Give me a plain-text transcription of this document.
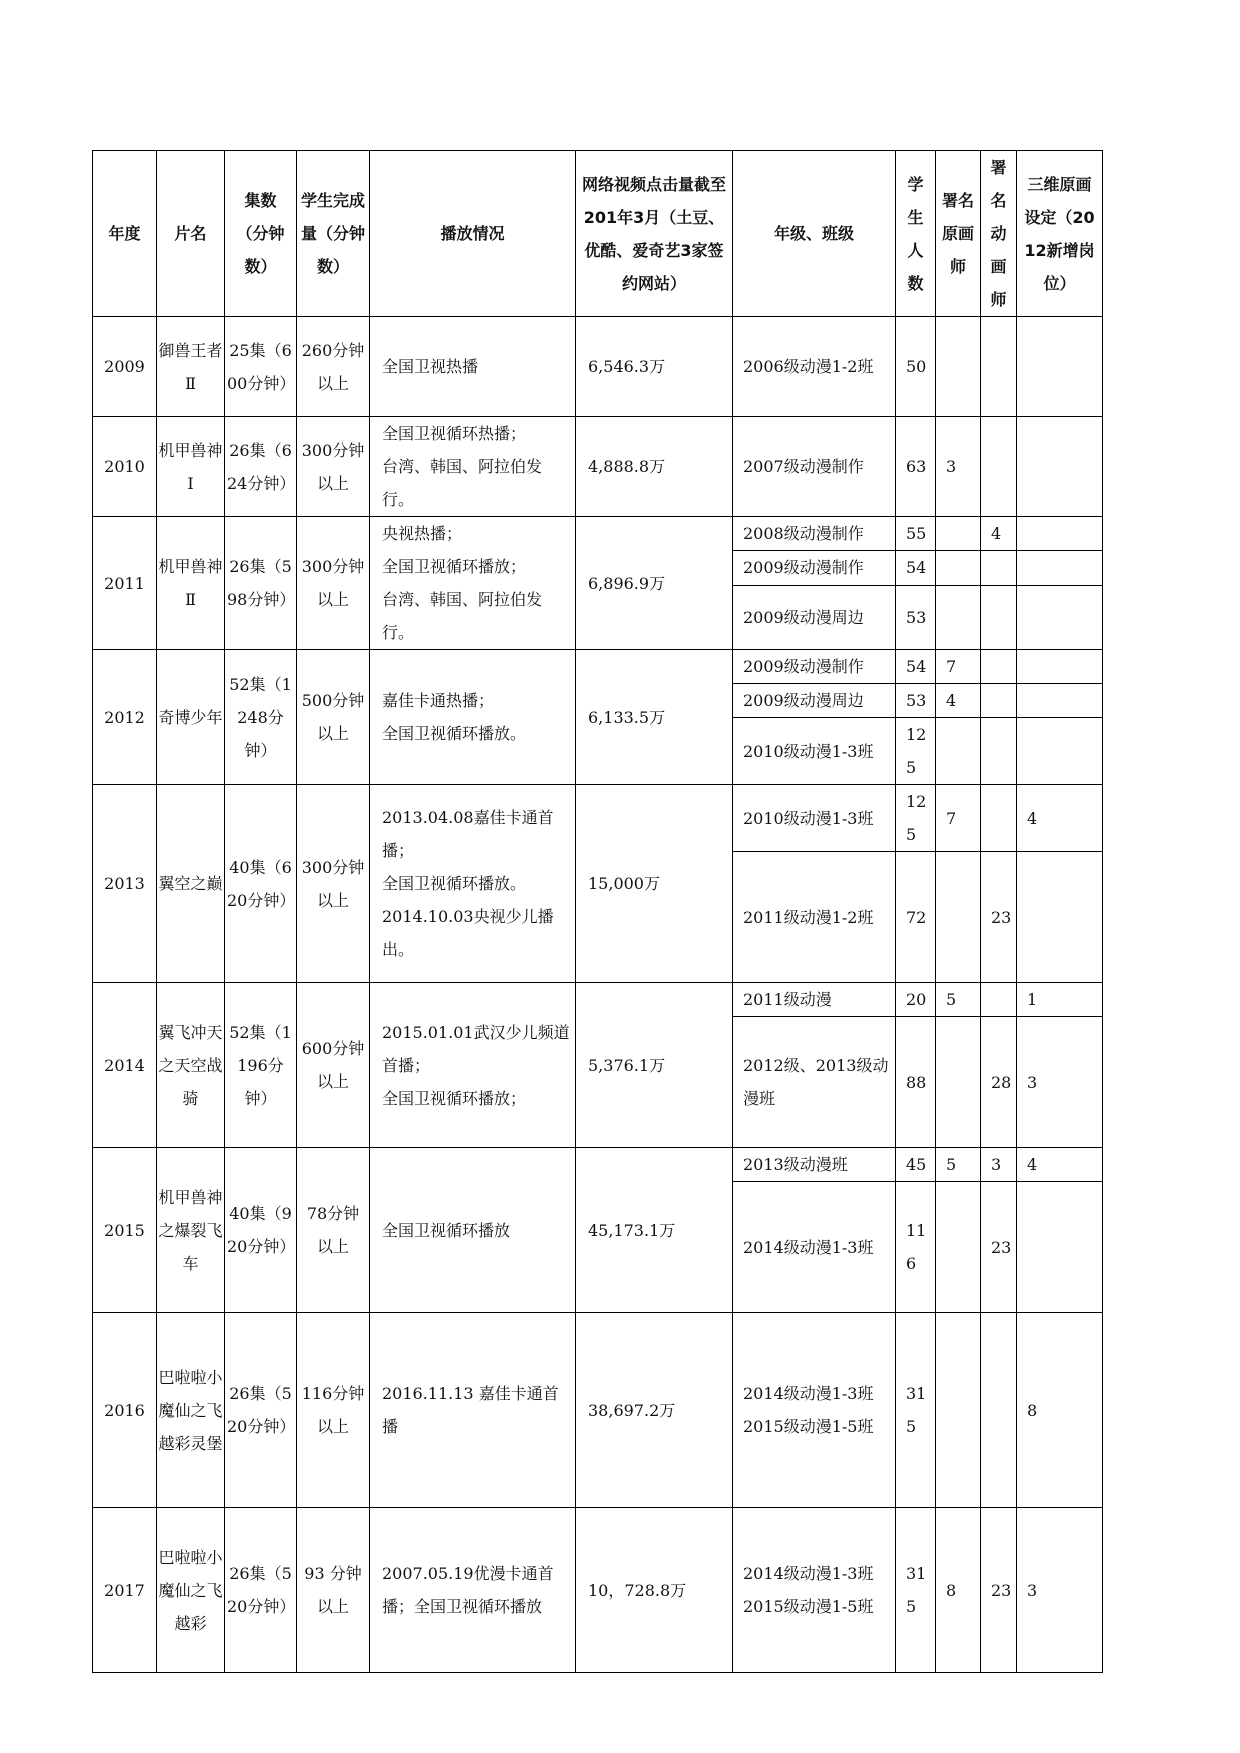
年度	片名	集数（分钟数）	学生完成量（分钟数）	播放情况	网络视频点击量截至201年3月（土豆、优酷、爱奇艺3家签约网站）	年级、班级	学生人数	署名原画师	署名动画师	三维原画设定（2012新增岗位）
2009	御兽王者Ⅱ	25集（600分钟）	260分钟 以上	全国卫视热播	6,546.3万	2006级动漫1-2班	50			
2010	机甲兽神Ⅰ	26集（624分钟）	300分钟 以上	全国卫视循环热播；
台湾、韩国、阿拉伯发行。	4,888.8万	2007级动漫制作	63	3		
2011	机甲兽神Ⅱ	26集（598分钟）	300分钟 以上	央视热播；
全国卫视循环播放；
台湾、韩国、阿拉伯发行。	6,896.9万	2008级动漫制作	55		4	

						2009级动漫制作	54			

						2009级动漫周边	53			
2012	奇博少年	52集（1248分钟）	500分钟 以上	嘉佳卡通热播；
全国卫视循环播放。	6,133.5万	2009级动漫制作	54	7		

						2009级动漫周边	53	4		

						2010级动漫1-3班	125			
2013	翼空之巅	40集（620分钟）	300分钟 以上	2013.04.08嘉佳卡通首播；
全国卫视循环播放。
2014.10.03央视少儿播出。	15,000万	2010级动漫1-3班	125	7		4

						2011级动漫1-2班	72		23	
2014	翼飞冲天之天空战骑	52集（1196分钟）	600分钟 以上	2015.01.01武汉少儿频道首播；
全国卫视循环播放；	5,376.1万	2011级动漫	20	5		1

						2012级、2013级动漫班	88		28	3
2015	机甲兽神之爆裂飞车	40集（920分钟）	78分钟以上	全国卫视循环播放	45,173.1万	2013级动漫班	45	5	3	4

						2014级动漫1-3班	116		23	
2016	巴啦啦小魔仙之飞越彩灵堡	26集（520分钟）	116分钟 以上	2016.11.13 嘉佳卡通首播	38,697.2万	2014级动漫1-3班
2015级动漫1-5班	315			8
2017	巴啦啦小魔仙之飞越彩	26集（520分钟）	93 分钟 以上	2007.05.19优漫卡通首播；全国卫视循环播放	10，728.8万	2014级动漫1-3班
2015级动漫1-5班	315	8	23	3
